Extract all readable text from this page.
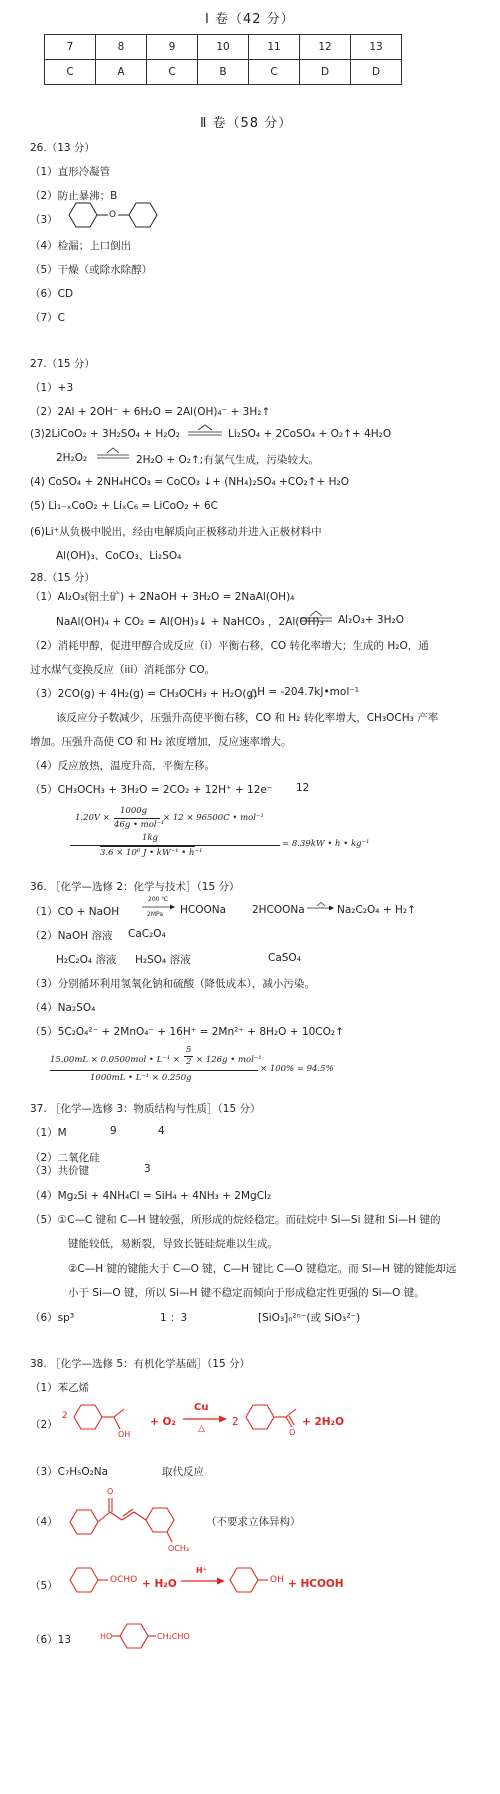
Ⅰ 卷（42 分）
7	8	9	10	11	12	13
C	A	C	B	C	D	D
Ⅱ 卷（58 分）
26.（13 分）
（1）直形冷凝管
（2）防止暴沸；B
（3）	O
（4）检漏；上口倒出
（5）干燥（或除水除醇）
（6）CD
（7）C
27.（15 分）
（1）+3
（2）2Al + 2OH⁻ + 6H₂O = 2Al(OH)₄⁻ + 3H₂↑
(3)2LiCoO₂ + 3H₂SO₄ + H₂O₂	Li₂SO₄ + 2CoSO₄ + O₂↑+ 4H₂O
2H₂O₂	2H₂O + O₂↑;有氯气生成，污染较大。
(4) CoSO₄ + 2NH₄HCO₃ = CoCO₃ ↓+ (NH₄)₂SO₄ +CO₂↑+ H₂O
(5) Li₁₋ₓCoO₂ + LiₓC₆ = LiCoO₂ + 6C
(6)Li⁺从负极中脱出，经由电解质向正极移动并进入正极材料中
Al(OH)₃、CoCO₃、Li₂SO₄
28.（15 分）
（1）Al₂O₃(铝土矿) + 2NaOH + 3H₂O = 2NaAl(OH)₄
NaAl(OH)₄ + CO₂ = Al(OH)₃↓ + NaHCO₃ ，2Al(OH)₃ Al₂O₃+ 3H₂O
（2）消耗甲醇，促进甲醇合成反应（i）平衡右移，CO 转化率增大；生成的 H₂O，通
过水煤气变换反应（iii）消耗部分 CO。
（3）2CO(g) + 4H₂(g) = CH₃OCH₃ + H₂O(g)
△H = -204.7kJ•mol⁻¹
该反应分子数减少，压强升高使平衡右移，CO 和 H₂ 转化率增大，CH₃OCH₃ 产率
增加。压强升高使 CO 和 H₂ 浓度增加，反应速率增大。
（4）反应放热，温度升高，平衡左移。
（5）CH₃OCH₃ + 3H₂O = 2CO₂ + 12H⁺ + 12e⁻ 12
1.20V ×
1000g
46g • mol⁻¹
× 12 × 96500C • mol⁻¹
1kg
3.6 × 10⁶ J • kW⁻¹ • h⁻¹
= 8.39kW • h • kg⁻¹
36. ［化学—选修 2：化学与技术］（15 分）
（1）CO + NaOH
200 ℃
2MPa HCOONa 2HCOONa	Na₂C₂O₄ + H₂↑
（2）NaOH 溶液 CaC₂O₄
H₂C₂O₄ 溶液 H₂SO₄ 溶液	CaSO₄
（3）分别循环利用氢氧化钠和硫酸（降低成本），减小污染。
（4）Na₂SO₄
（5）5C₂O₄²⁻ + 2MnO₄⁻ + 16H⁺ = 2Mn²⁺ + 8H₂O + 10CO₂↑
15.00mL × 0.0500mol • L⁻¹ ×
5
2 × 126g • mol⁻¹
1000mL • L⁻¹ × 0.250g
× 100% = 94.5%
37. ［化学—选修 3：物质结构与性质］（15 分）
（1）M	9	4
（2）二氧化硅
（3）共价键	3
（4）Mg₂Si + 4NH₄Cl = SiH₄ + 4NH₃ + 2MgCl₂
（5）①C—C 键和 C—H 键较强，所形成的烷烃稳定。而硅烷中 Si—Si 键和 Si—H 键的
键能较低，易断裂，导致长链硅烷难以生成。
②C—H 键的键能大于 C—O 键，C—H 键比 C—O 键稳定。而 Si—H 键的键能却远
小于 Si—O 键，所以 Si—H 键不稳定而倾向于形成稳定性更强的 Si—O 键。
（6）sp³	1 ：3	[SiO₃]ₙ²ⁿ⁻(或 SiO₃²⁻)
38. ［化学—选修 5：有机化学基础］（15 分）
（1）苯乙烯
（2）
2
OH
+ O₂
Cu
△
2
O
+ 2H₂O
（3）C₇H₅O₂Na	取代反应
（4）
O
OCH₃
（不要求立体异构）
（5）	OCHO + H₂O
H⁺
OH + HCOOH
（6）13	HO	CH₂CHO
